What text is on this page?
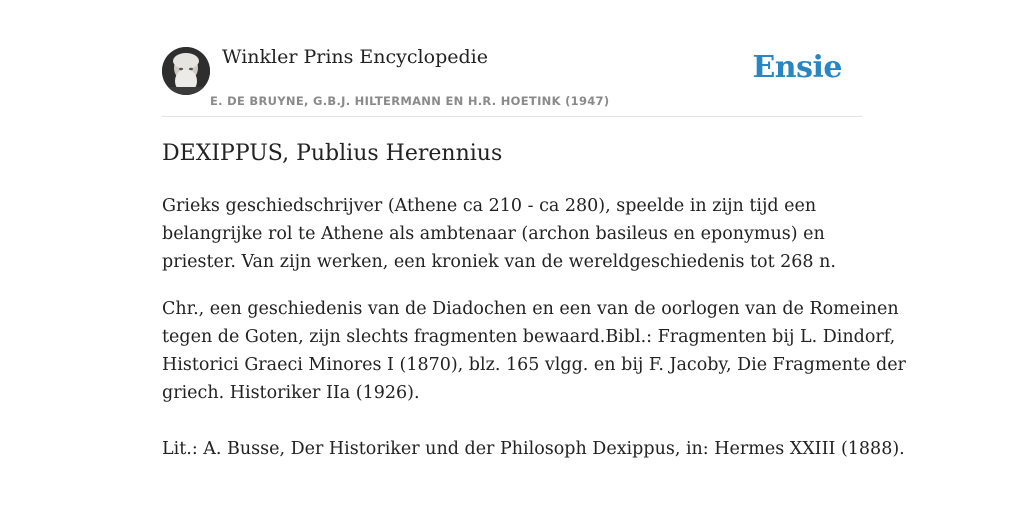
Winkler Prins Encyclopedie
E. DE BRUYNE, G.B.J. HILTERMANN EN H.R. HOETINK (1947)
Ensie
DEXIPPUS, Publius Herennius

Grieks geschiedschrijver (Athene ca 210 - ca 280), speelde in zijn tijd een
belangrijke rol te Athene als ambtenaar (archon basileus en eponymus) en
priester. Van zijn werken, een kroniek van de wereldgeschiedenis tot 268 n.

Chr., een geschiedenis van de Diadochen en een van de oorlogen van de Romeinen
tegen de Goten, zijn slechts fragmenten bewaard.Bibl.: Fragmenten bij L. Dindorf,
Historici Graeci Minores I (1870), blz. 165 vlgg. en bij F. Jacoby, Die Fragmente der
griech. Historiker IIa (1926).

Lit.: A. Busse, Der Historiker und der Philosoph Dexippus, in: Hermes XXIII (1888).
